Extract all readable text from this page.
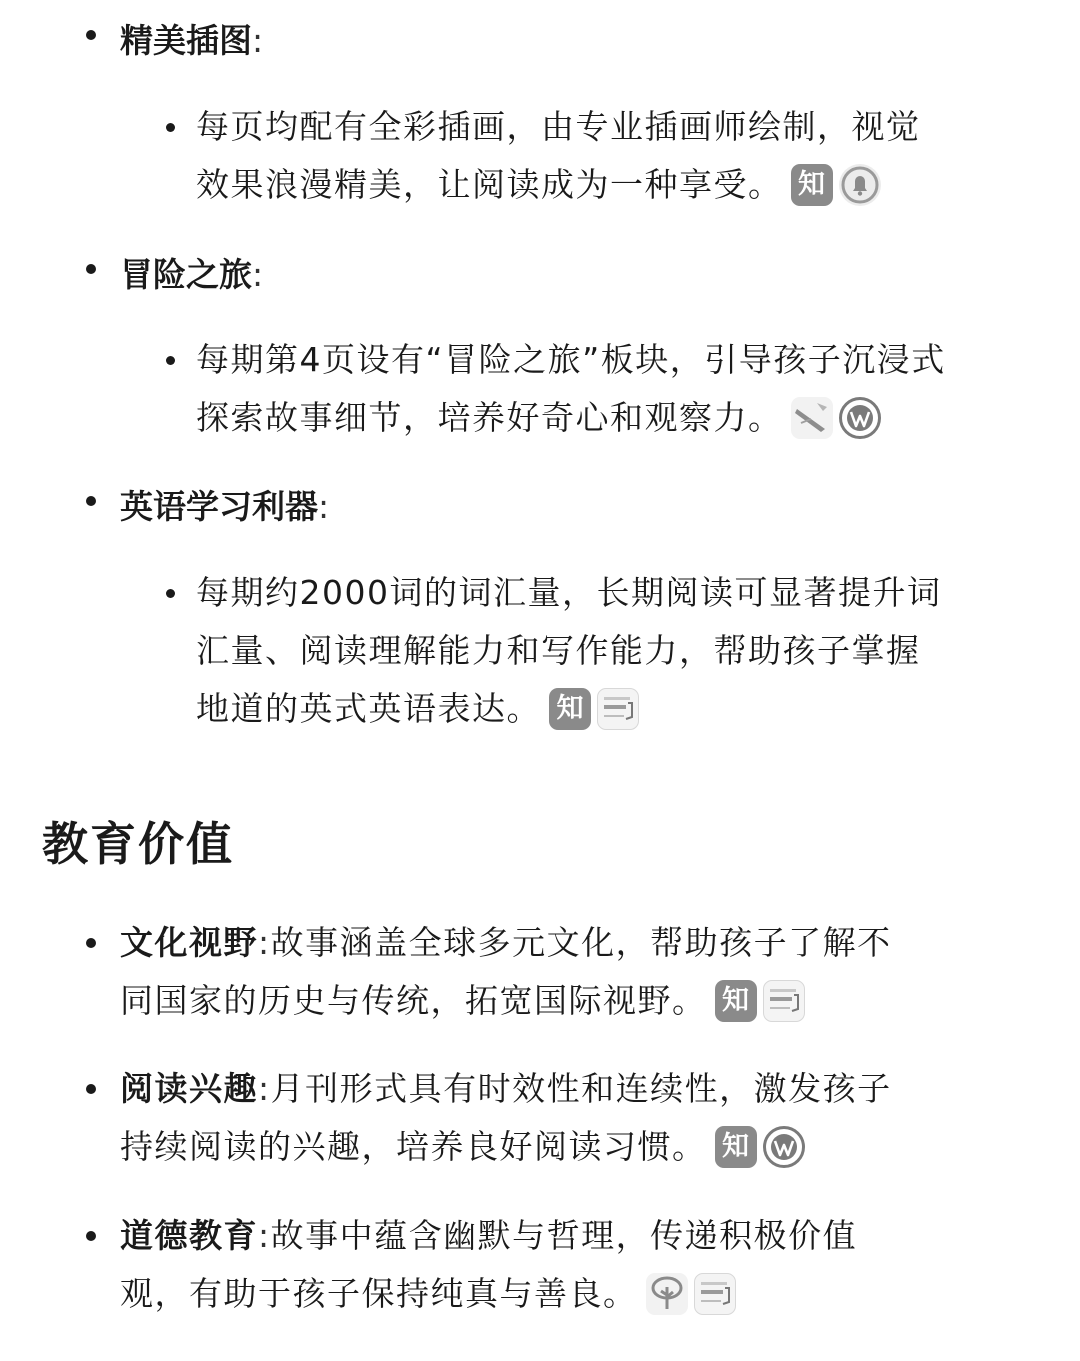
精美插图:
每页均配有全彩插画，由专业插画师绘制，视觉
效果浪漫精美，让阅读成为一种享受。 知
冒险之旅:
每期第4页设有“冒险之旅”板块，引导孩子沉浸式
探索故事细节，培养好奇心和观察力。
英语学习利器:
每期约2000词的词汇量，长期阅读可显著提升词
汇量、阅读理解能力和写作能力，帮助孩子掌握
地道的英式英语表达。 知
教育价值
文化视野:故事涵盖全球多元文化，帮助孩子了解不
同国家的历史与传统，拓宽国际视野。 知
阅读兴趣:月刊形式具有时效性和连续性，激发孩子
持续阅读的兴趣，培养良好阅读习惯。 知
道德教育:故事中蕴含幽默与哲理，传递积极价值
观，有助于孩子保持纯真与善良。
